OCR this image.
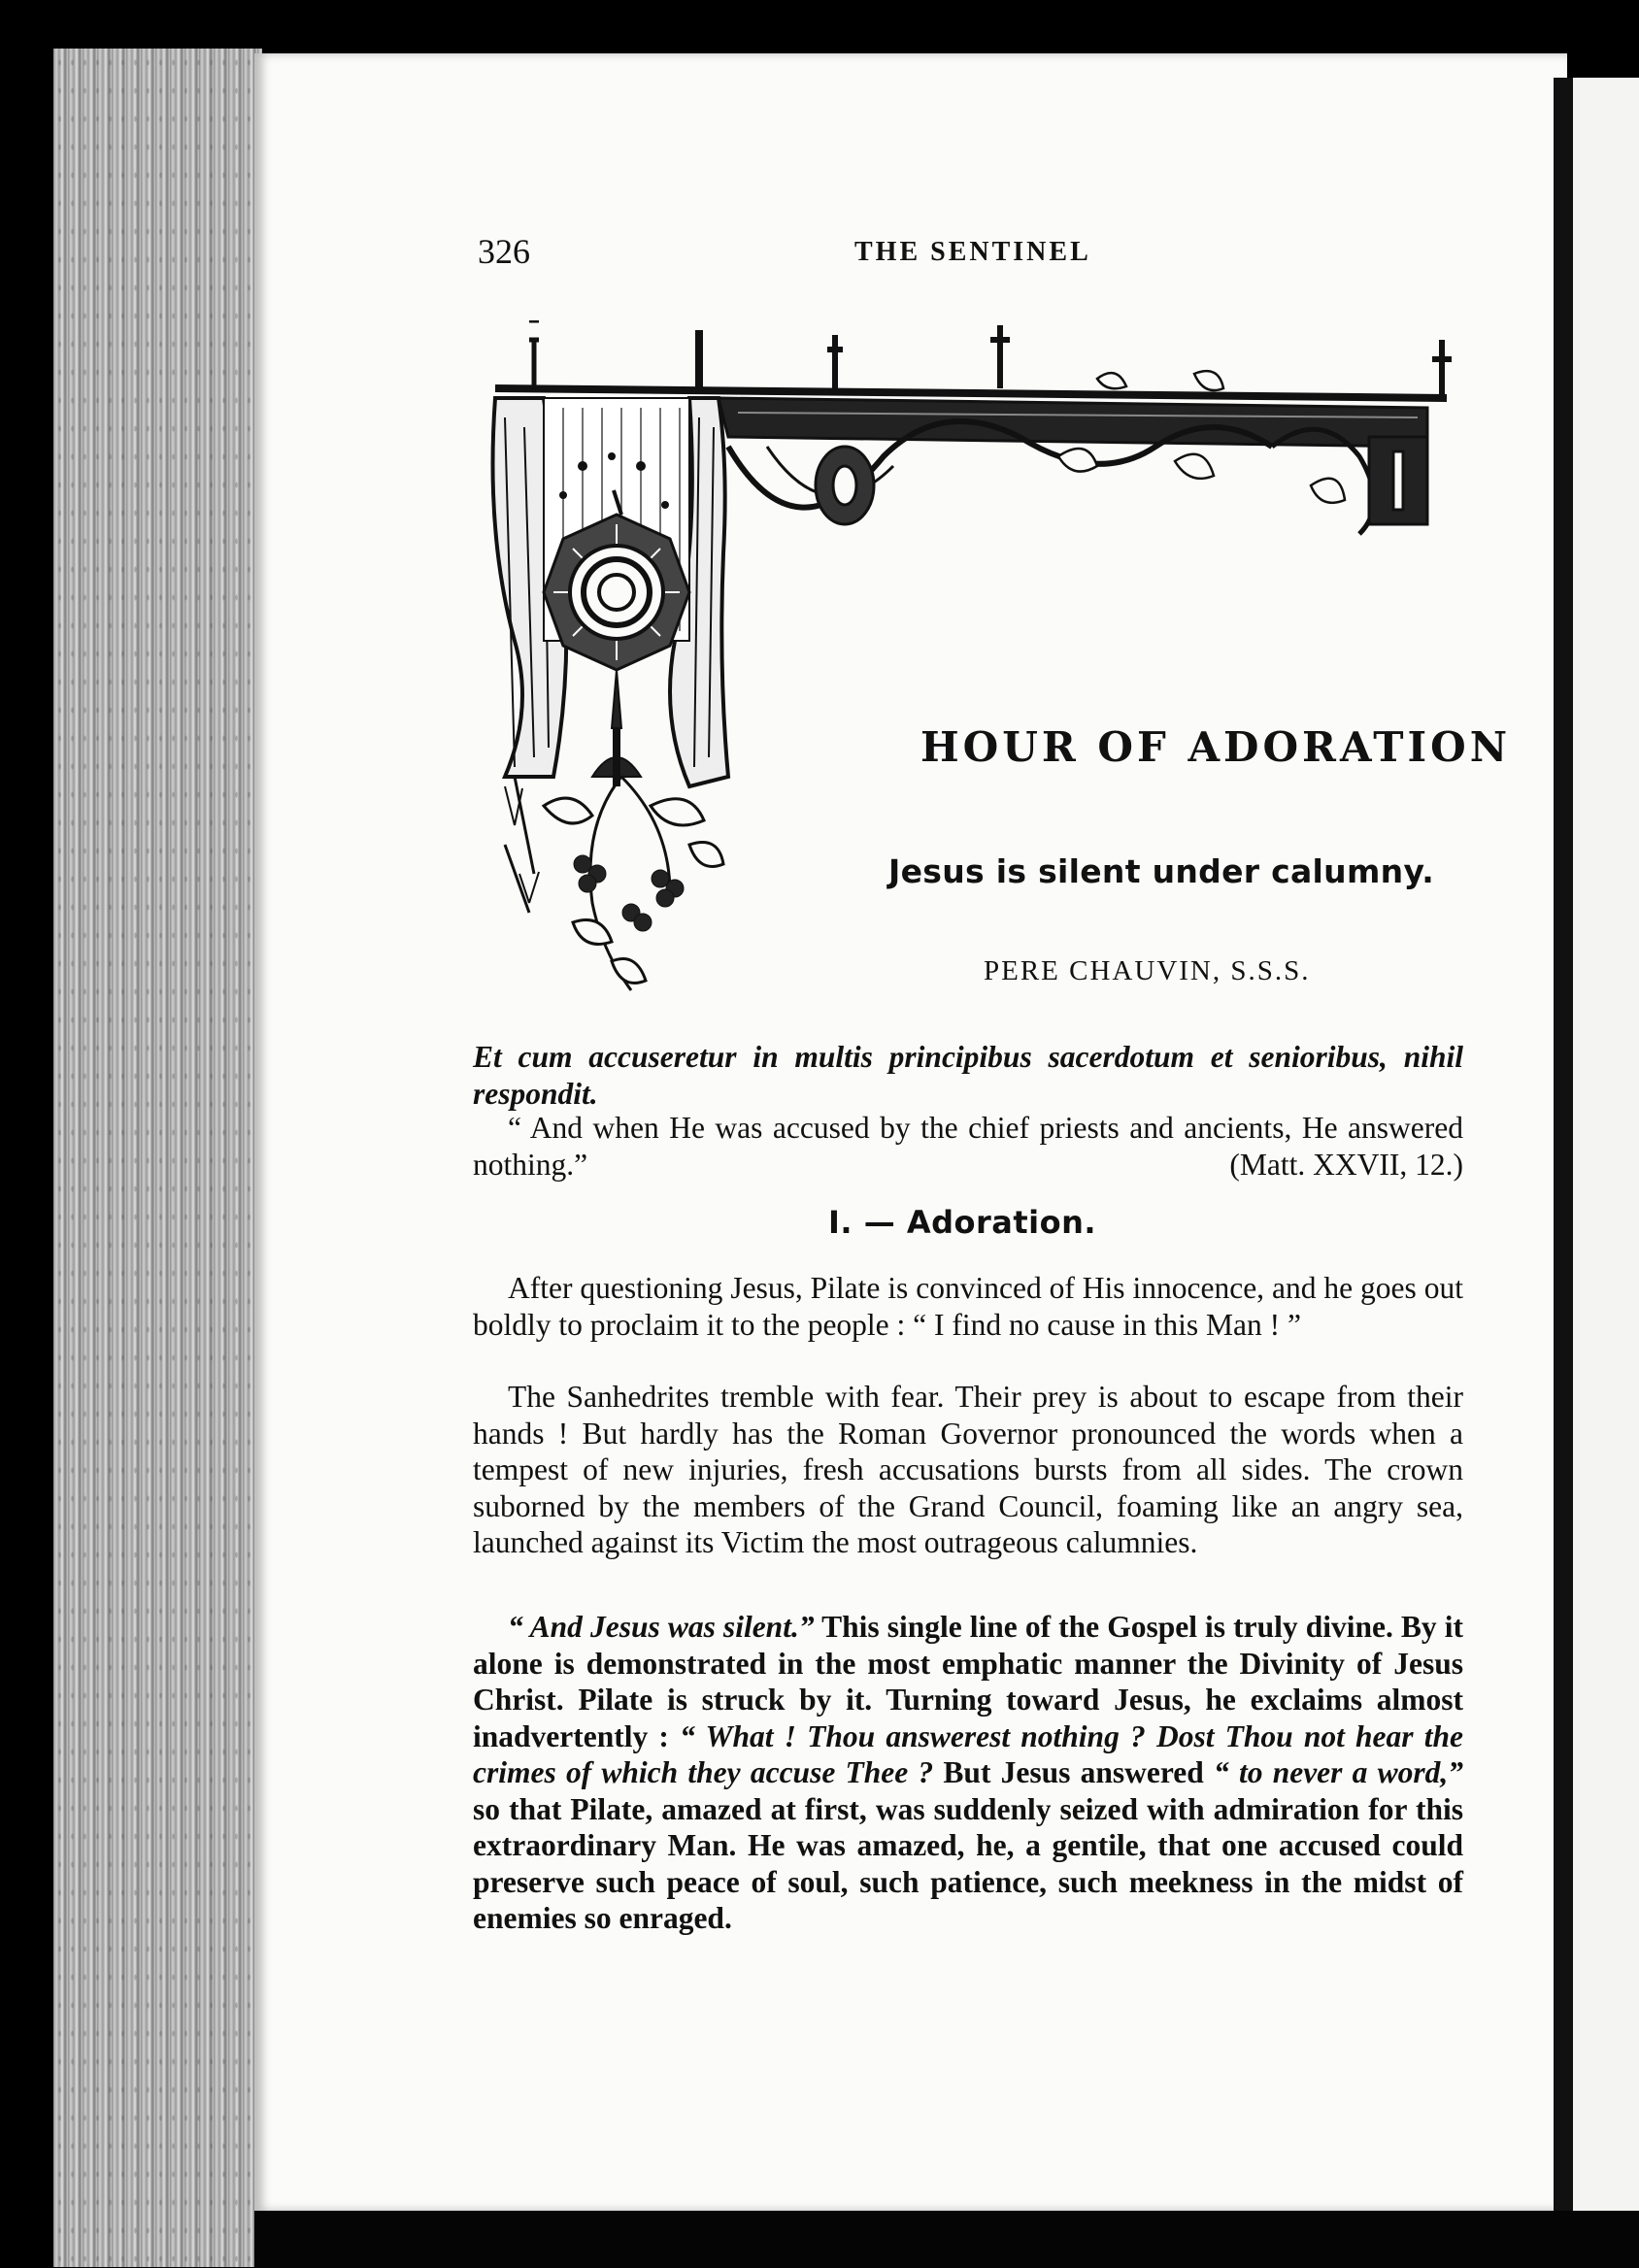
326	THE SENTINEL
HOUR OF ADORATION
Jesus is silent under calumny.
PERE CHAUVIN, S.S.S.
Et cum accuseretur in multis principibus sacerdotum et senioribus, nihil respondit.
“ And when He was accused by the chief priests and ancients, He answered nothing.”	(Matt. XXVII, 12.)
I. — Adoration.

After questioning Jesus, Pilate is convinced of His innocence, and he goes out boldly to proclaim it to the people : “ I find no cause in this Man ! ”

The Sanhedrites tremble with fear. Their prey is about to escape from their hands ! But hardly has the Roman Governor pronounced the words when a tempest of new injuries, fresh accusations bursts from all sides. The crown suborned by the members of the Grand Council, foaming like an angry sea, launched against its Victim the most outrageous calumnies.

“ And Jesus was silent.” This single line of the Gospel is truly divine. By it alone is demonstrated in the most emphatic manner the Divinity of Jesus Christ. Pilate is struck by it. Turning toward Jesus, he exclaims almost inadvertently : “ What ! Thou answerest nothing ? Dost Thou not hear the crimes of which they accuse Thee ? But Jesus answered “ to never a word,” so that Pilate, amazed at first, was suddenly seized with admiration for this extraordinary Man. He was amazed, he, a gentile, that one accused could preserve such peace of soul, such patience, such meekness in the midst of enemies so enraged.
